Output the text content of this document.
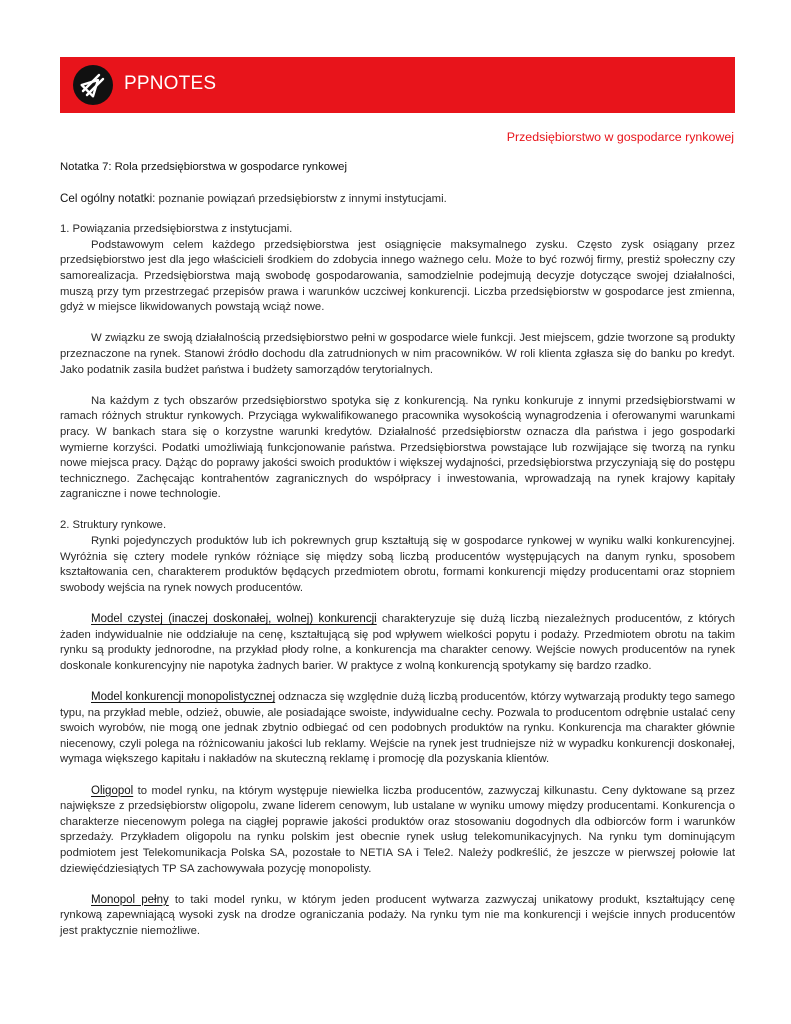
PPNOTES
Przedsiębiorstwo w gospodarce rynkowej
Notatka 7: Rola przedsiębiorstwa w gospodarce rynkowej
Cel ogólny notatki: poznanie powiązań przedsiębiorstw z innymi instytucjami.
1. Powiązania przedsiębiorstwa z instytucjami.

Podstawowym celem każdego przedsiębiorstwa jest osiągnięcie maksymalnego zysku. Często zysk osiągany przez przedsiębiorstwo jest dla jego właścicieli środkiem do zdobycia innego ważnego celu. Może to być rozwój firmy, prestiż społeczny czy samorealizacja. Przedsiębiorstwa mają swobodę gospodarowania, samodzielnie podejmują decyzje dotyczące swojej działalności, muszą przy tym przestrzegać przepisów prawa i warunków uczciwej konkurencji. Liczba przedsiębiorstw w gospodarce jest zmienna, gdyż w miejsce likwidowanych powstają wciąż nowe.

W związku ze swoją działalnością przedsiębiorstwo pełni w gospodarce wiele funkcji. Jest miejscem, gdzie tworzone są produkty przeznaczone na rynek. Stanowi źródło dochodu dla zatrudnionych w nim pracowników. W roli klienta zgłasza się do banku po kredyt. Jako podatnik zasila budżet państwa i budżety samorządów terytorialnych.

Na każdym z tych obszarów przedsiębiorstwo spotyka się z konkurencją. Na rynku konkuruje z innymi przedsiębiorstwami w ramach różnych struktur rynkowych. Przyciąga wykwalifikowanego pracownika wysokością wynagrodzenia i oferowanymi warunkami pracy. W bankach stara się o korzystne warunki kredytów. Działalność przedsiębiorstw oznacza dla państwa i jego gospodarki wymierne korzyści. Podatki umożliwiają funkcjonowanie państwa. Przedsiębiorstwa powstające lub rozwijające się tworzą na rynku nowe miejsca pracy. Dążąc do poprawy jakości swoich produktów i większej wydajności, przedsiębiorstwa przyczyniają się do postępu technicznego. Zachęcając kontrahentów zagranicznych do współpracy i inwestowania, wprowadzają na rynek krajowy kapitały zagraniczne i nowe technologie.

2. Struktury rynkowe.

Rynki pojedynczych produktów lub ich pokrewnych grup kształtują się w gospodarce rynkowej w wyniku walki konkurencyjnej. Wyróżnia się cztery modele rynków różniące się między sobą liczbą producentów występujących na danym rynku, sposobem kształtowania cen, charakterem produktów będących przedmiotem obrotu, formami konkurencji między producentami oraz stopniem swobody wejścia na rynek nowych producentów.

Model czystej (inaczej doskonałej, wolnej) konkurencji charakteryzuje się dużą liczbą niezależnych producentów, z których żaden indywidualnie nie oddziałuje na cenę, kształtującą się pod wpływem wielkości popytu i podaży. Przedmiotem obrotu na takim rynku są produkty jednorodne, na przykład płody rolne, a konkurencja ma charakter cenowy. Wejście nowych producentów na rynek doskonale konkurencyjny nie napotyka żadnych barier. W praktyce z wolną konkurencją spotykamy się bardzo rzadko.

Model konkurencji monopolistycznej odznacza się względnie dużą liczbą producentów, którzy wytwarzają produkty tego samego typu, na przykład meble, odzież, obuwie, ale posiadające swoiste, indywidualne cechy. Pozwala to producentom odrębnie ustalać ceny swoich wyrobów, nie mogą one jednak zbytnio odbiegać od cen podobnych produktów na rynku. Konkurencja ma charakter głównie niecenowy, czyli polega na różnicowaniu jakości lub reklamy. Wejście na rynek jest trudniejsze niż w wypadku konkurencji doskonałej, wymaga większego kapitału i nakładów na skuteczną reklamę i promocję dla pozyskania klientów.

Oligopol to model rynku, na którym występuje niewielka liczba producentów, zazwyczaj kilkunastu. Ceny dyktowane są przez największe z przedsiębiorstw oligopolu, zwane liderem cenowym, lub ustalane w wyniku umowy między producentami. Konkurencja o charakterze niecenowym polega na ciągłej poprawie jakości produktów oraz stosowaniu dogodnych dla odbiorców form i warunków sprzedaży. Przykładem oligopolu na rynku polskim jest obecnie rynek usług telekomunikacyjnych. Na rynku tym dominującym podmiotem jest Telekomunikacja Polska SA, pozostałe to NETIA SA i Tele2. Należy podkreślić, że jeszcze w pierwszej połowie lat dziewięćdziesiątych TP SA zachowywała pozycję monopolisty.

Monopol pełny to taki model rynku, w którym jeden producent wytwarza zazwyczaj unikatowy produkt, kształtujący cenę rynkową zapewniającą wysoki zysk na drodze ograniczania podaży. Na rynku tym nie ma konkurencji i wejście innych producentów jest praktycznie niemożliwe.
